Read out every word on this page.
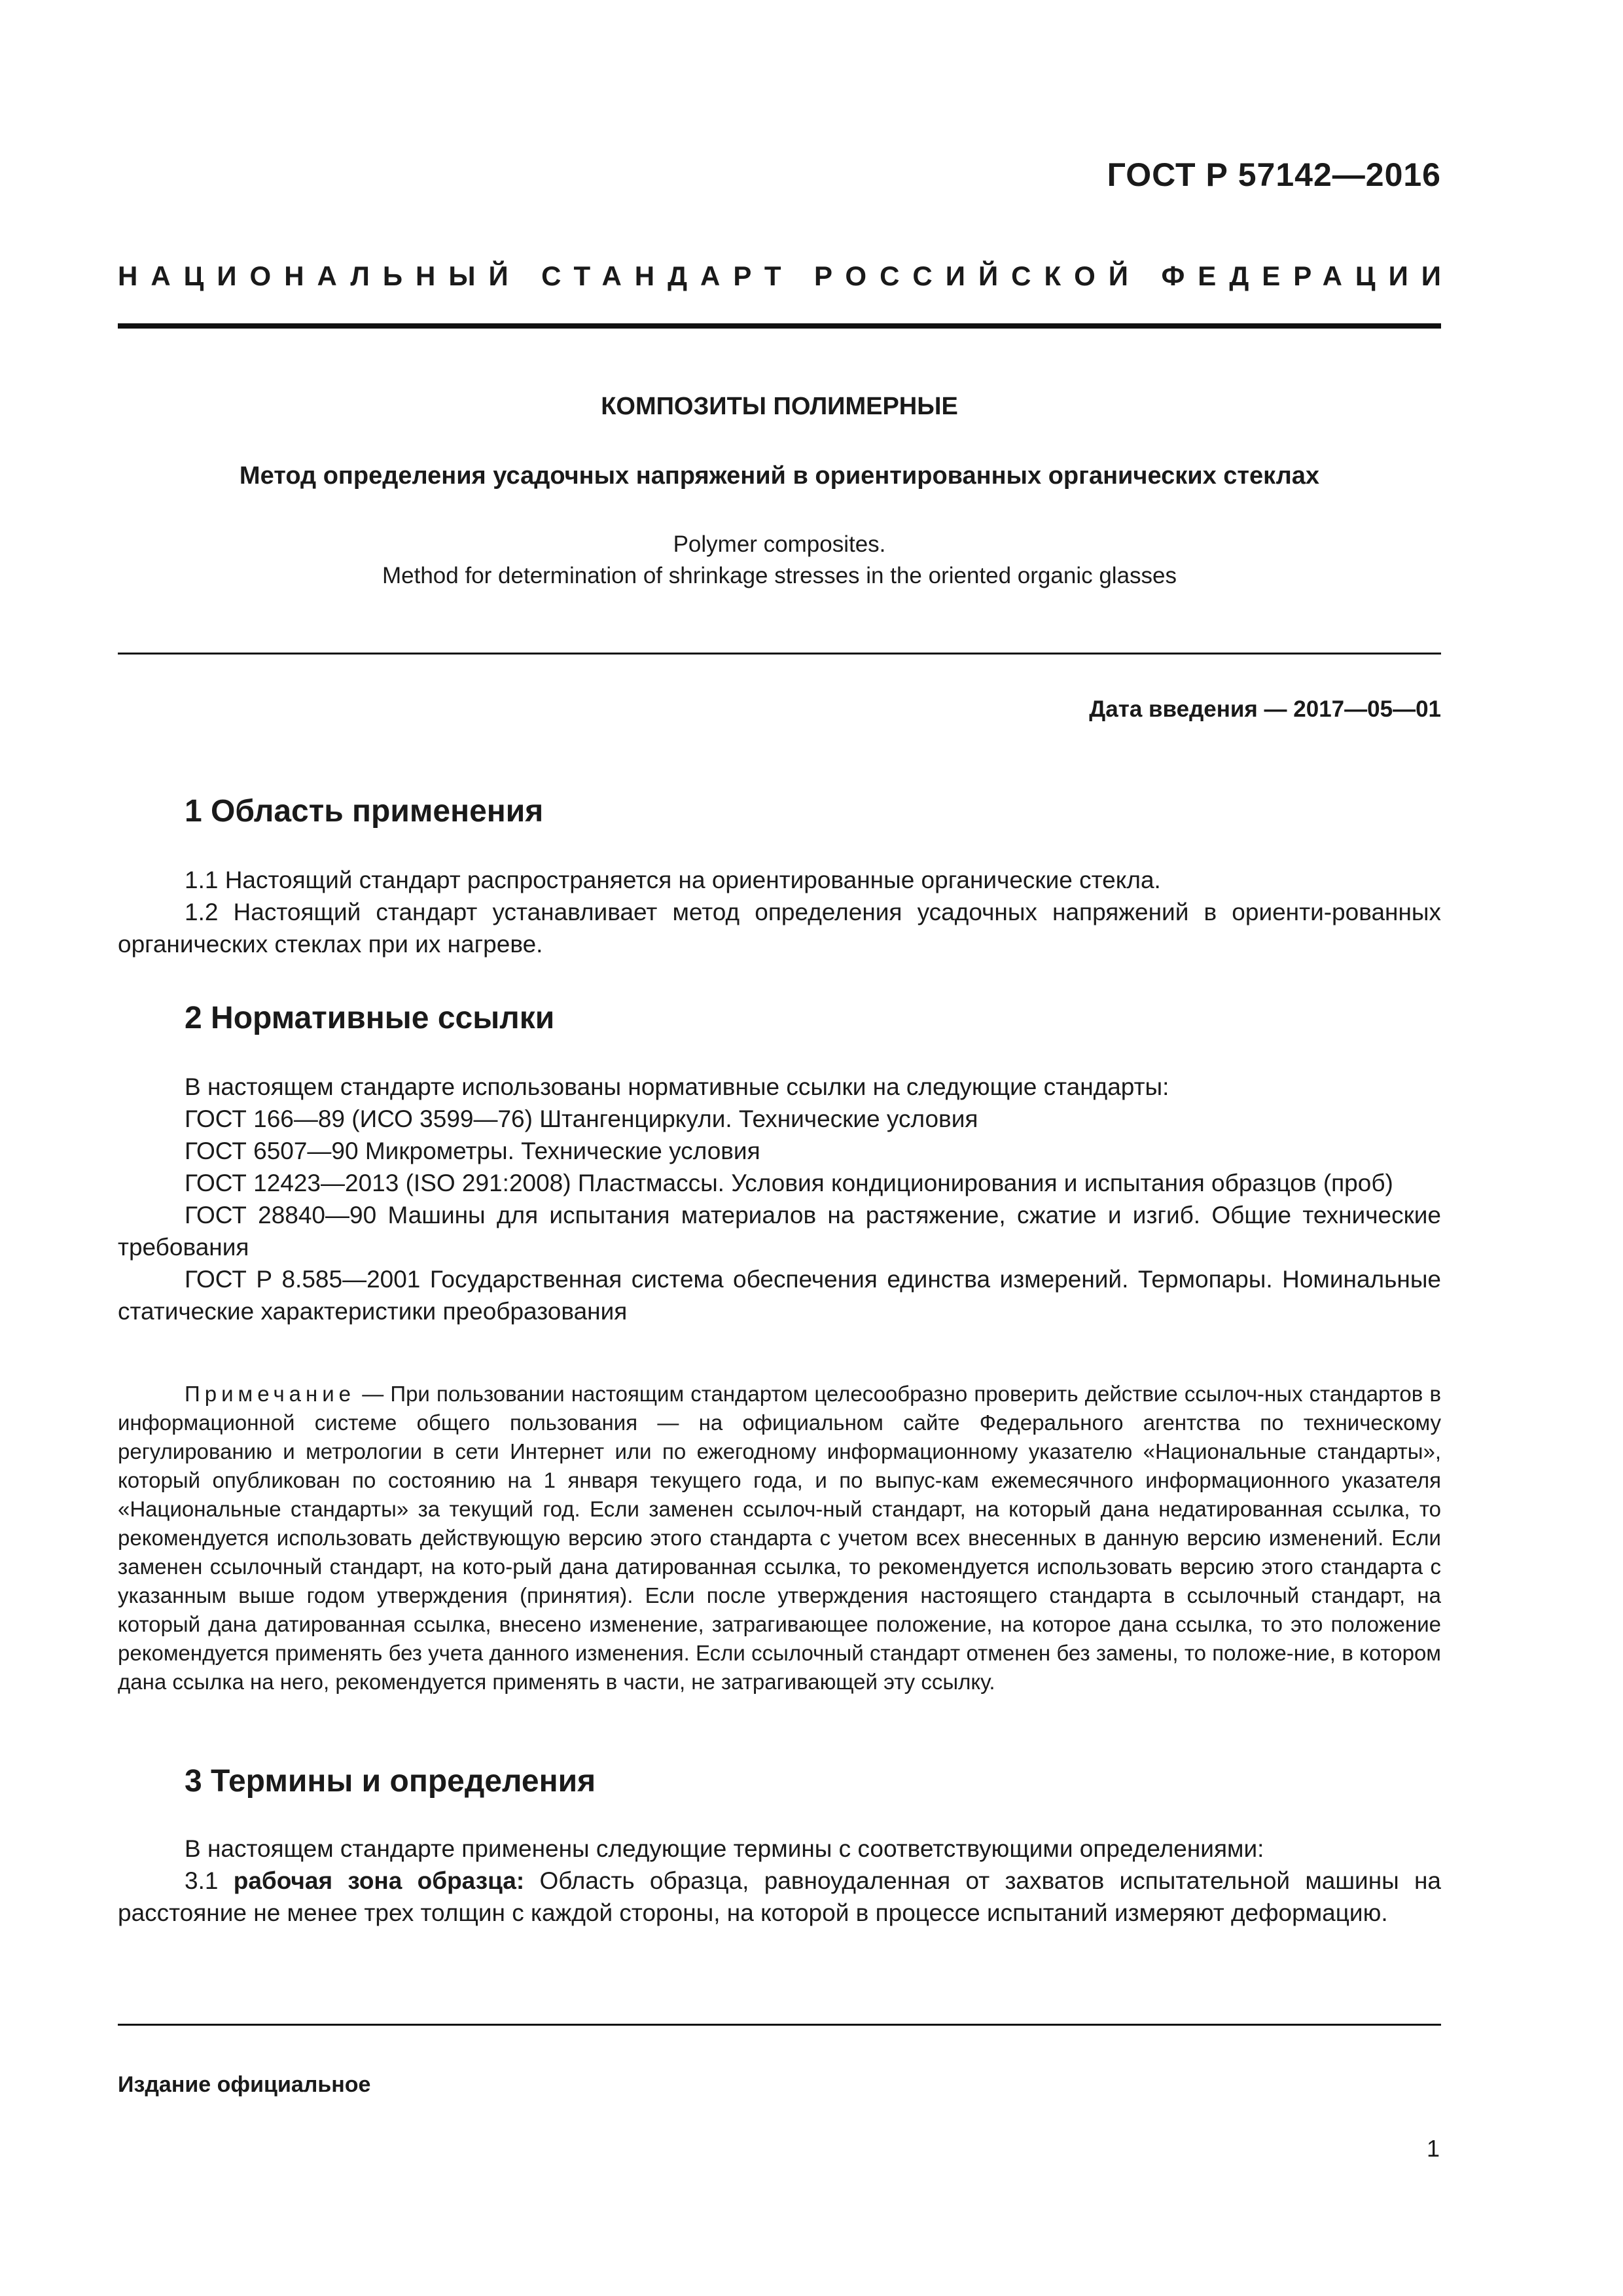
ГОСТ Р 57142—2016
НАЦИОНАЛЬНЫЙ СТАНДАРТ РОССИЙСКОЙ ФЕДЕРАЦИИ
КОМПОЗИТЫ ПОЛИМЕРНЫЕ
Метод определения усадочных напряжений в ориентированных органических стеклах
Polymer composites.
Method for determination of shrinkage stresses in the oriented organic glasses
Дата введения — 2017—05—01
1 Область применения

1.1 Настоящий стандарт распространяется на ориентированные органические стекла.

1.2 Настоящий стандарт устанавливает метод определения усадочных напряжений в ориенти-рованных органических стеклах при их нагреве.

2 Нормативные ссылки

В настоящем стандарте использованы нормативные ссылки на следующие стандарты:

ГОСТ 166—89 (ИСО 3599—76) Штангенциркули. Технические условия

ГОСТ 6507—90 Микрометры. Технические условия

ГОСТ 12423—2013 (ISO 291:2008) Пластмассы. Условия кондиционирования и испытания образцов (проб)

ГОСТ 28840—90 Машины для испытания материалов на растяжение, сжатие и изгиб. Общие технические требования

ГОСТ Р 8.585—2001 Государственная система обеспечения единства измерений. Термопары. Номинальные статические характеристики преобразования

Примечание — При пользовании настоящим стандартом целесообразно проверить действие ссылоч-ных стандартов в информационной системе общего пользования — на официальном сайте Федерального агентства по техническому регулированию и метрологии в сети Интернет или по ежегодному информационному указателю «Национальные стандарты», который опубликован по состоянию на 1 января текущего года, и по выпус-кам ежемесячного информационного указателя «Национальные стандарты» за текущий год. Если заменен ссылоч-ный стандарт, на который дана недатированная ссылка, то рекомендуется использовать действующую версию этого стандарта с учетом всех внесенных в данную версию изменений. Если заменен ссылочный стандарт, на кото-рый дана датированная ссылка, то рекомендуется использовать версию этого стандарта с указанным выше годом утверждения (принятия). Если после утверждения настоящего стандарта в ссылочный стандарт, на который дана датированная ссылка, внесено изменение, затрагивающее положение, на которое дана ссылка, то это положение рекомендуется применять без учета данного изменения. Если ссылочный стандарт отменен без замены, то положе-ние, в котором дана ссылка на него, рекомендуется применять в части, не затрагивающей эту ссылку.

3 Термины и определения

В настоящем стандарте применены следующие термины с соответствующими определениями:

3.1 рабочая зона образца: Область образца, равноудаленная от захватов испытательной машины на расстояние не менее трех толщин с каждой стороны, на которой в процессе испытаний измеряют деформацию.

Издание официальное
1
